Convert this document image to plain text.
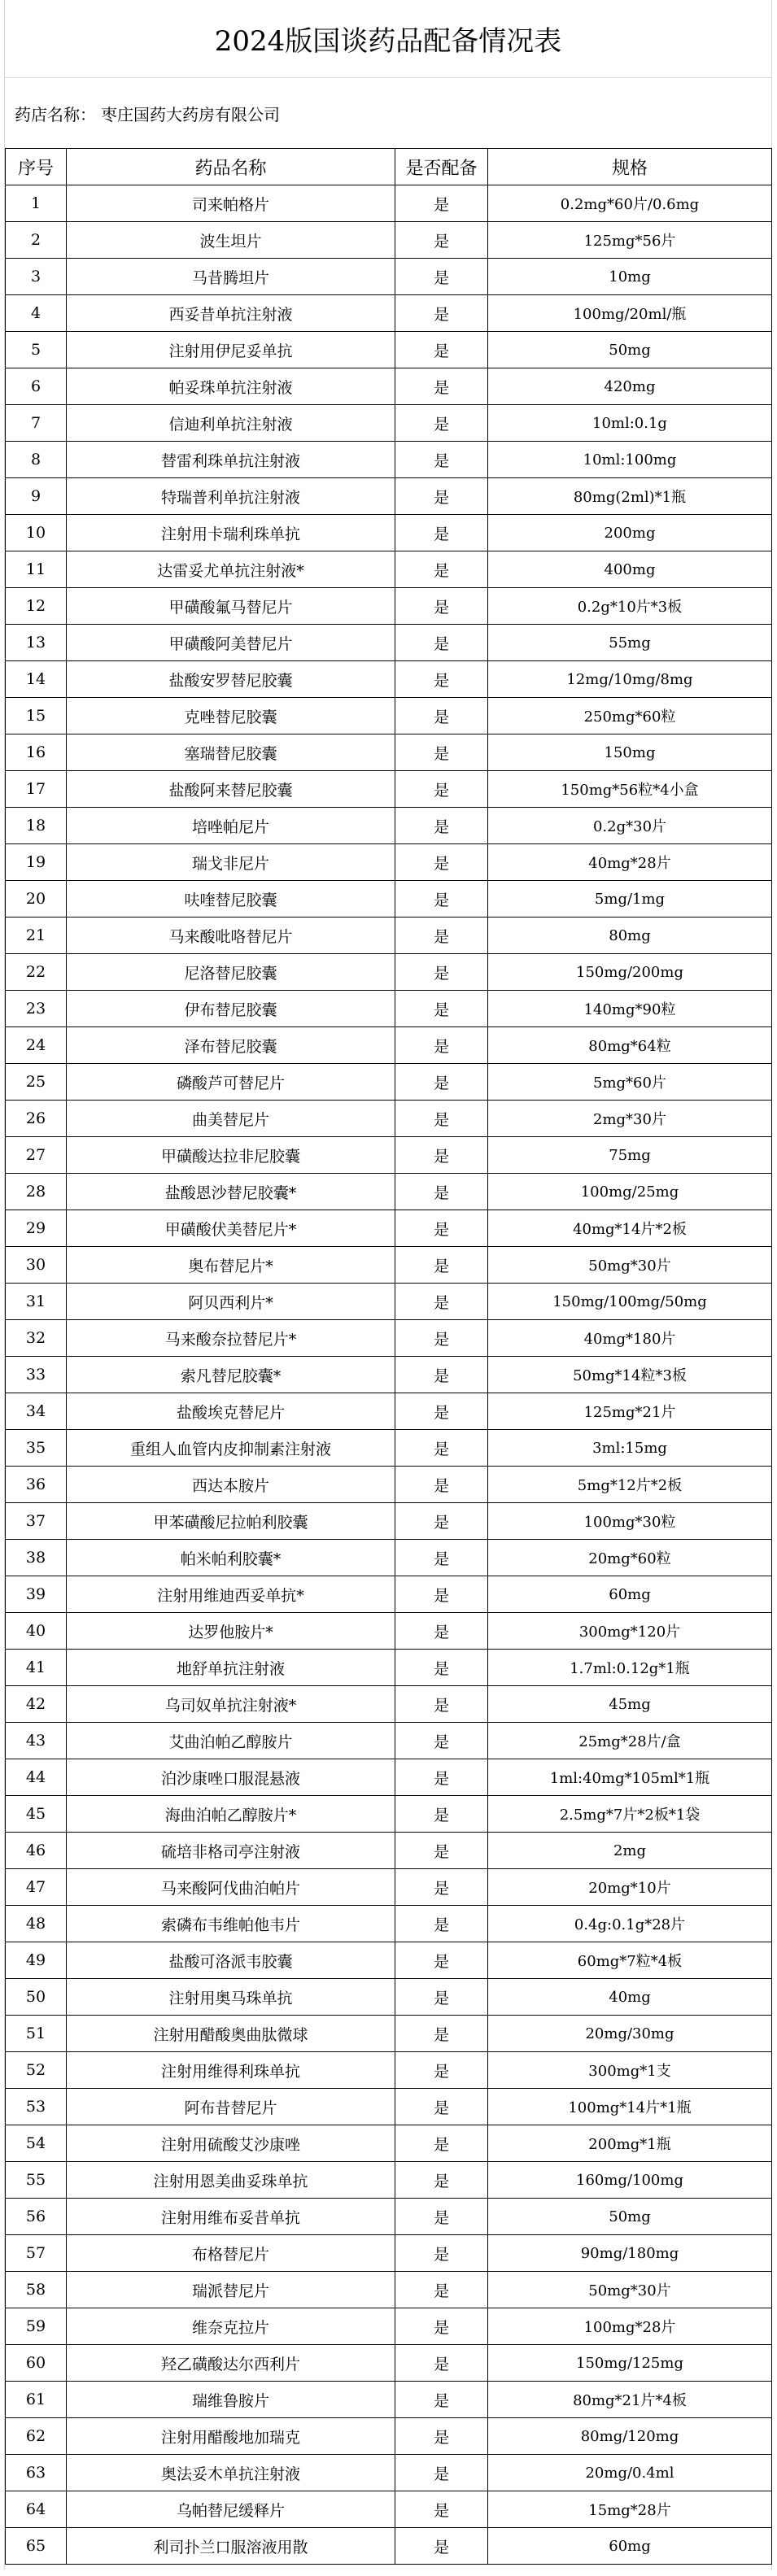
2024版国谈药品配备情况表
药店名称： 枣庄国药大药房有限公司
序号	药品名称	是否配备	规格
1	司来帕格片	是	0.2mg*60片/0.6mg
2	波生坦片	是	125mg*56片
3	马昔腾坦片	是	10mg
4	西妥昔单抗注射液	是	100mg/20ml/瓶
5	注射用伊尼妥单抗	是	50mg
6	帕妥珠单抗注射液	是	420mg
7	信迪利单抗注射液	是	10ml:0.1g
8	替雷利珠单抗注射液	是	10ml:100mg
9	特瑞普利单抗注射液	是	80mg(2ml)*1瓶
10	注射用卡瑞利珠单抗	是	200mg
11	达雷妥尤单抗注射液*	是	400mg
12	甲磺酸氟马替尼片	是	0.2g*10片*3板
13	甲磺酸阿美替尼片	是	55mg
14	盐酸安罗替尼胶囊	是	12mg/10mg/8mg
15	克唑替尼胶囊	是	250mg*60粒
16	塞瑞替尼胶囊	是	150mg
17	盐酸阿来替尼胶囊	是	150mg*56粒*4小盒
18	培唑帕尼片	是	0.2g*30片
19	瑞戈非尼片	是	40mg*28片
20	呋喹替尼胶囊	是	5mg/1mg
21	马来酸吡咯替尼片	是	80mg
22	尼洛替尼胶囊	是	150mg/200mg
23	伊布替尼胶囊	是	140mg*90粒
24	泽布替尼胶囊	是	80mg*64粒
25	磷酸芦可替尼片	是	5mg*60片
26	曲美替尼片	是	2mg*30片
27	甲磺酸达拉非尼胶囊	是	75mg
28	盐酸恩沙替尼胶囊*	是	100mg/25mg
29	甲磺酸伏美替尼片*	是	40mg*14片*2板
30	奥布替尼片*	是	50mg*30片
31	阿贝西利片*	是	150mg/100mg/50mg
32	马来酸奈拉替尼片*	是	40mg*180片
33	索凡替尼胶囊*	是	50mg*14粒*3板
34	盐酸埃克替尼片	是	125mg*21片
35	重组人血管内皮抑制素注射液	是	3ml:15mg
36	西达本胺片	是	5mg*12片*2板
37	甲苯磺酸尼拉帕利胶囊	是	100mg*30粒
38	帕米帕利胶囊*	是	20mg*60粒
39	注射用维迪西妥单抗*	是	60mg
40	达罗他胺片*	是	300mg*120片
41	地舒单抗注射液	是	1.7ml:0.12g*1瓶
42	乌司奴单抗注射液*	是	45mg
43	艾曲泊帕乙醇胺片	是	25mg*28片/盒
44	泊沙康唑口服混悬液	是	1ml:40mg*105ml*1瓶
45	海曲泊帕乙醇胺片*	是	2.5mg*7片*2板*1袋
46	硫培非格司亭注射液	是	2mg
47	马来酸阿伐曲泊帕片	是	20mg*10片
48	索磷布韦维帕他韦片	是	0.4g:0.1g*28片
49	盐酸可洛派韦胶囊	是	60mg*7粒*4板
50	注射用奥马珠单抗	是	40mg
51	注射用醋酸奥曲肽微球	是	20mg/30mg
52	注射用维得利珠单抗	是	300mg*1支
53	阿布昔替尼片	是	100mg*14片*1瓶
54	注射用硫酸艾沙康唑	是	200mg*1瓶
55	注射用恩美曲妥珠单抗	是	160mg/100mg
56	注射用维布妥昔单抗	是	50mg
57	布格替尼片	是	90mg/180mg
58	瑞派替尼片	是	50mg*30片
59	维奈克拉片	是	100mg*28片
60	羟乙磺酸达尔西利片	是	150mg/125mg
61	瑞维鲁胺片	是	80mg*21片*4板
62	注射用醋酸地加瑞克	是	80mg/120mg
63	奥法妥木单抗注射液	是	20mg/0.4ml
64	乌帕替尼缓释片	是	15mg*28片
65	利司扑兰口服溶液用散	是	60mg
